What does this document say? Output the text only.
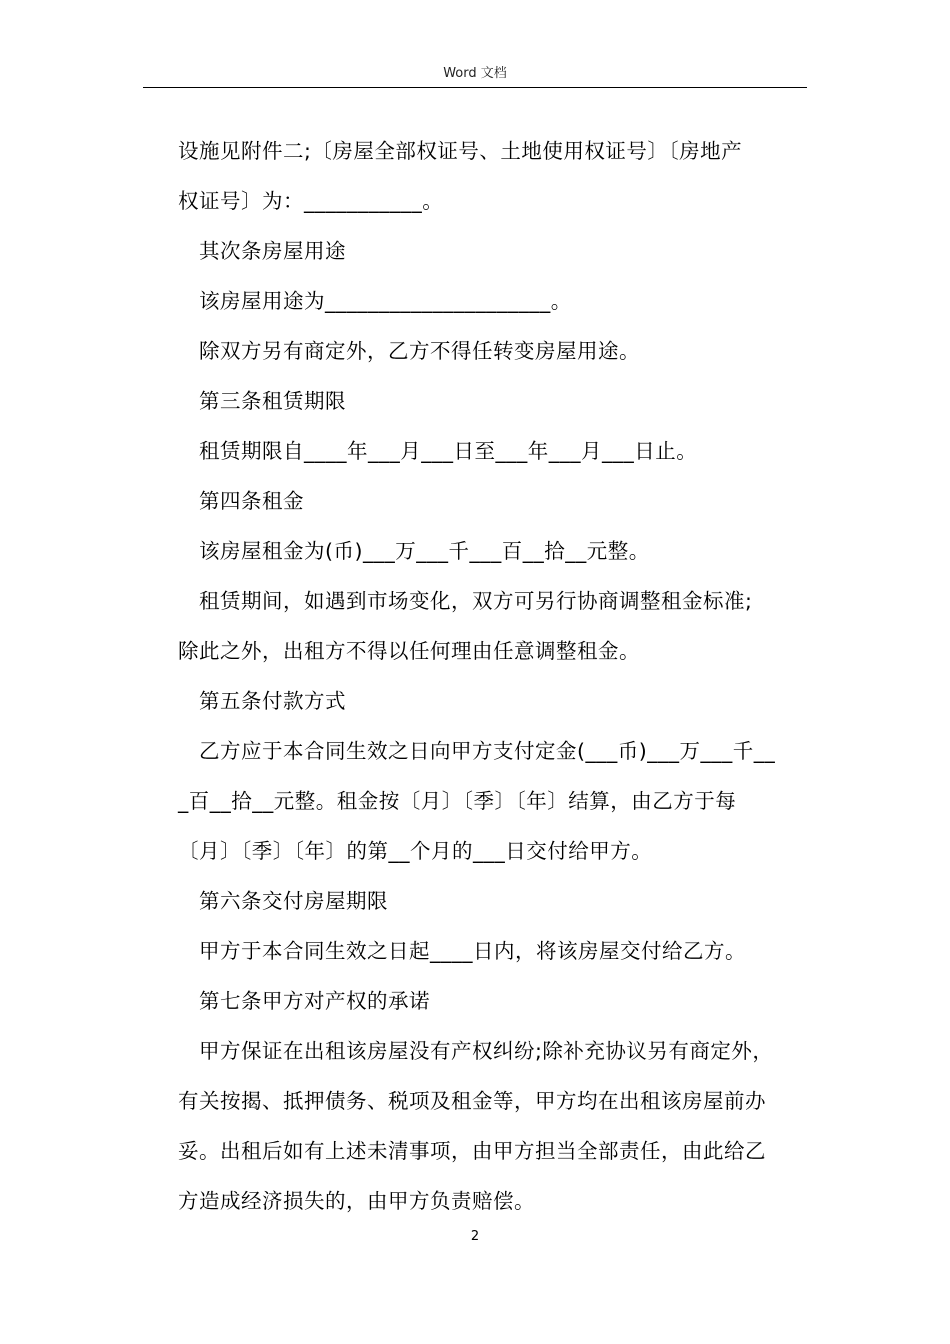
Word 文档

设施见附件二;〔房屋全部权证号、土地使用权证号〕〔房地产
权证号〕为：___________。

其次条房屋用途

该房屋用途为_____________________。

除双方另有商定外，乙方不得任转变房屋用途。

第三条租赁期限

租赁期限自____年___月___日至___年___月___日止。

第四条租金

该房屋租金为(币)___万___千___百__拾__元整。

租赁期间，如遇到市场变化，双方可另行协商调整租金标准;
除此之外，出租方不得以任何理由任意调整租金。

第五条付款方式

乙方应于本合同生效之日向甲方支付定金(___币)___万___千__
_百__拾__元整。租金按〔月〕〔季〕〔年〕结算，由乙方于每
〔月〕〔季〕〔年〕的第__个月的___日交付给甲方。

第六条交付房屋期限

甲方于本合同生效之日起____日内，将该房屋交付给乙方。

第七条甲方对产权的承诺

甲方保证在出租该房屋没有产权纠纷;除补充协议另有商定外，
有关按揭、抵押债务、税项及租金等，甲方均在出租该房屋前办
妥。出租后如有上述未清事项，由甲方担当全部责任，由此给乙
方造成经济损失的，由甲方负责赔偿。

2
